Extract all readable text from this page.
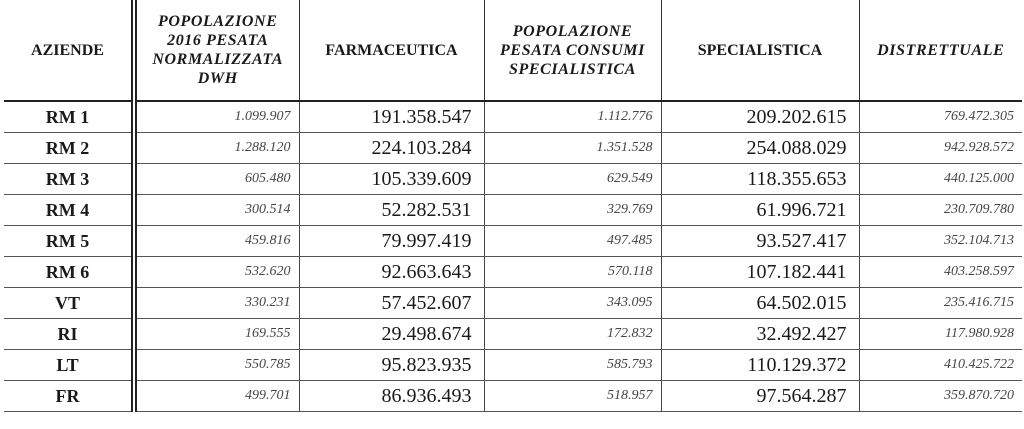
AZIENDE	POPOLAZIONE 2016 PESATA NORMALIZZATA DWH	FARMACEUTICA	POPOLAZIONE PESATA CONSUMI SPECIALISTICA	SPECIALISTICA	DISTRETTUALE
RM 1	1.099.907	191.358.547	1.112.776	209.202.615	769.472.305
RM 2	1.288.120	224.103.284	1.351.528	254.088.029	942.928.572
RM 3	605.480	105.339.609	629.549	118.355.653	440.125.000
RM 4	300.514	52.282.531	329.769	61.996.721	230.709.780
RM 5	459.816	79.997.419	497.485	93.527.417	352.104.713
RM 6	532.620	92.663.643	570.118	107.182.441	403.258.597
VT	330.231	57.452.607	343.095	64.502.015	235.416.715
RI	169.555	29.498.674	172.832	32.492.427	117.980.928
LT	550.785	95.823.935	585.793	110.129.372	410.425.722
FR	499.701	86.936.493	518.957	97.564.287	359.870.720
